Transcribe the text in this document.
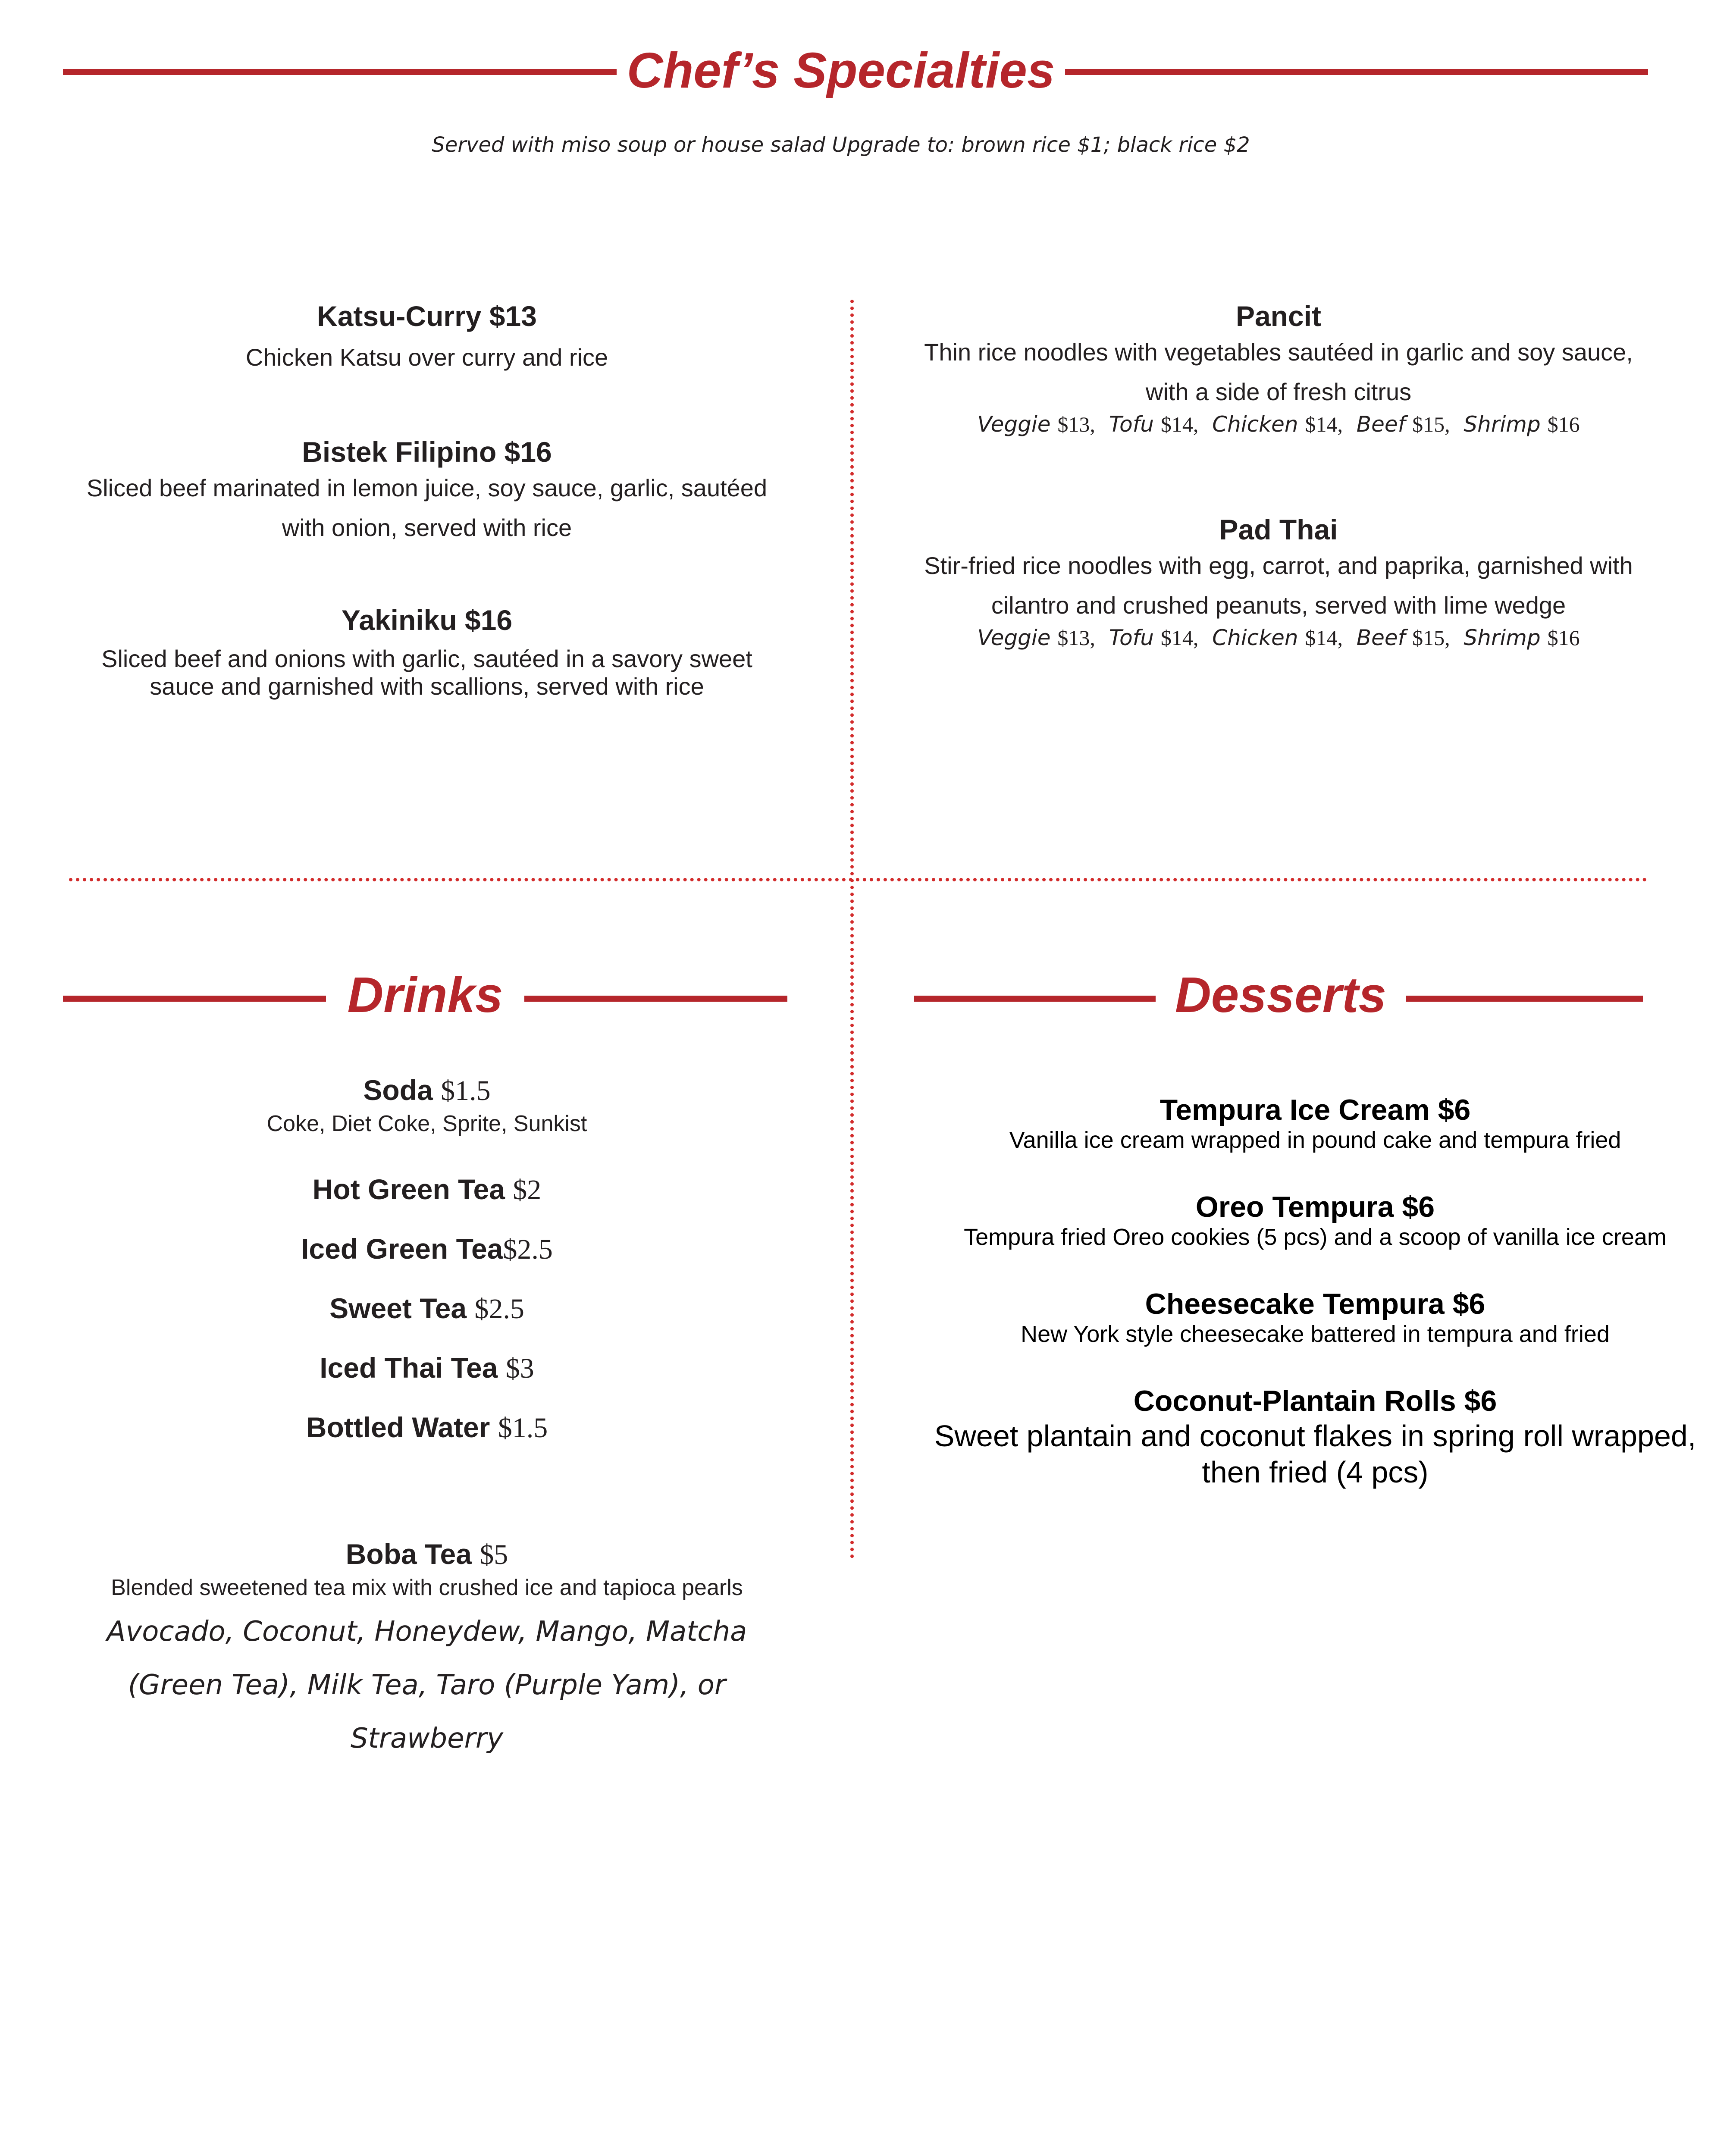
Chef’s Specialties
Served with miso soup or house salad Upgrade to: brown rice $1; black rice $2
Katsu-Curry $13
Chicken Katsu over curry and rice
Bistek Filipino $16
Sliced beef marinated in lemon juice, soy sauce, garlic, sautéed
with onion, served with rice
Yakiniku $16
Sliced beef and onions with garlic, sautéed in a savory sweet
sauce and garnished with scallions, served with rice
Pancit
Thin rice noodles with vegetables sautéed in garlic and soy sauce,
with a side of fresh citrus
Veggie $13, Tofu $14, Chicken $14, Beef $15, Shrimp $16
Pad Thai
Stir-fried rice noodles with egg, carrot, and paprika, garnished with
cilantro and crushed peanuts, served with lime wedge
Veggie $13, Tofu $14, Chicken $14, Beef $15, Shrimp $16
Drinks
Soda $1.5
Coke, Diet Coke, Sprite, Sunkist
Hot Green Tea $2
Iced Green Tea$2.5
Sweet Tea $2.5
Iced Thai Tea $3
Bottled Water $1.5
Boba Tea $5
Blended sweetened tea mix with crushed ice and tapioca pearls
Avocado, Coconut, Honeydew, Mango, Matcha
(Green Tea), Milk Tea, Taro (Purple Yam), or
Strawberry
Desserts
Tempura Ice Cream $6
Vanilla ice cream wrapped in pound cake and tempura fried
Oreo Tempura $6
Tempura fried Oreo cookies (5 pcs) and a scoop of vanilla ice cream
Cheesecake Tempura $6
New York style cheesecake battered in tempura and fried
Coconut-Plantain Rolls $6
Sweet plantain and coconut flakes in spring roll wrapped,
then fried (4 pcs)
